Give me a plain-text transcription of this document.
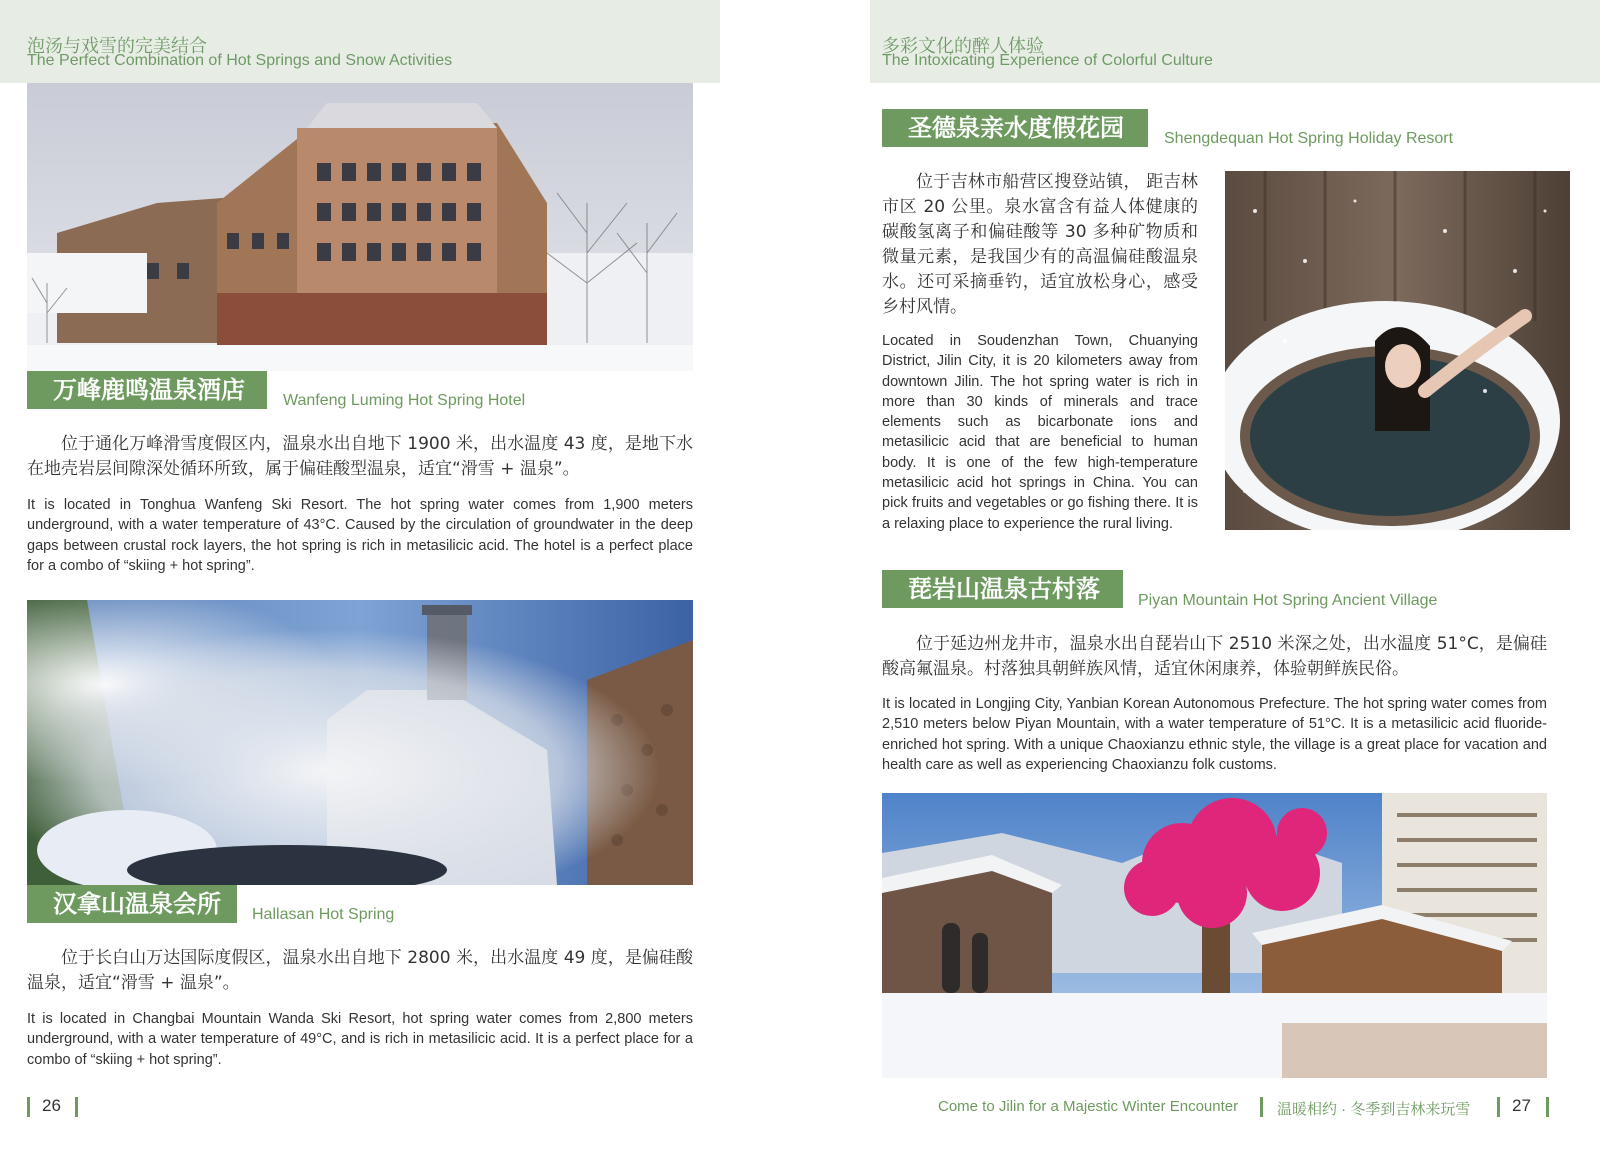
泡汤与戏雪的完美结合
The Perfect Combination of Hot Springs and Snow Activities
万峰鹿鸣温泉酒店	Wanfeng Luming Hot Spring Hotel

位于通化万峰滑雪度假区内，温泉水出自地下 1900 米，出水温度 43 度，是地下水在地壳岩层间隙深处循环所致，属于偏硅酸型温泉，适宜“滑雪 + 温泉”。

It is located in Tonghua Wanfeng Ski Resort. The hot spring water comes from 1,900 meters underground, with a water temperature of 43°C. Caused by the circulation of groundwater in the deep gaps between crustal rock layers, the hot spring is rich in metasilicic acid. The hotel is a perfect place for a combo of “skiing + hot spring”.

汉拿山温泉会所	Hallasan Hot Spring

位于长白山万达国际度假区，温泉水出自地下 2800 米，出水温度 49 度，是偏硅酸温泉，适宜“滑雪 + 温泉”。

It is located in Changbai Mountain Wanda Ski Resort, hot spring water comes from 2,800 meters underground, with a water temperature of 49°C, and is rich in metasilicic acid. It is a perfect place for a combo of “skiing + hot spring”.

26
多彩文化的醉人体验
The Intoxicating Experience of Colorful Culture
圣德泉亲水度假花园	Shengdequan Hot Spring Holiday Resort

位于吉林市船营区搜登站镇， 距吉林市区 20 公里。泉水富含有益人体健康的碳酸氢离子和偏硅酸等 30 多种矿物质和微量元素，是我国少有的高温偏硅酸温泉水。还可采摘垂钓，适宜放松身心，感受乡村风情。

Located in Soudenzhan Town, Chuanying District, Jilin City, it is 20 kilometers away from downtown Jilin. The hot spring water is rich in more than 30 kinds of minerals and trace elements such as bicarbonate ions and metasilicic acid that are beneficial to human body. It is one of the few high-temperature metasilicic acid hot springs in China. You can pick fruits and vegetables or go fishing there. It is a relaxing place to experience the rural living.

琵岩山温泉古村落	Piyan Mountain Hot Spring Ancient Village

位于延边州龙井市，温泉水出自琵岩山下 2510 米深之处，出水温度 51°C，是偏硅酸高氟温泉。村落独具朝鲜族风情，适宜休闲康养，体验朝鲜族民俗。

It is located in Longjing City, Yanbian Korean Autonomous Prefecture. The hot spring water comes from 2,510 meters below Piyan Mountain, with a water temperature of 51°C. It is a metasilicic acid fluoride-enriched hot spring. With a unique Chaoxianzu ethnic style, the village is a great place for vacation and health care as well as experiencing Chaoxianzu folk customs.

Come to Jilin for a Majestic Winter Encounter	温暖相约 · 冬季到吉林来玩雪 27
